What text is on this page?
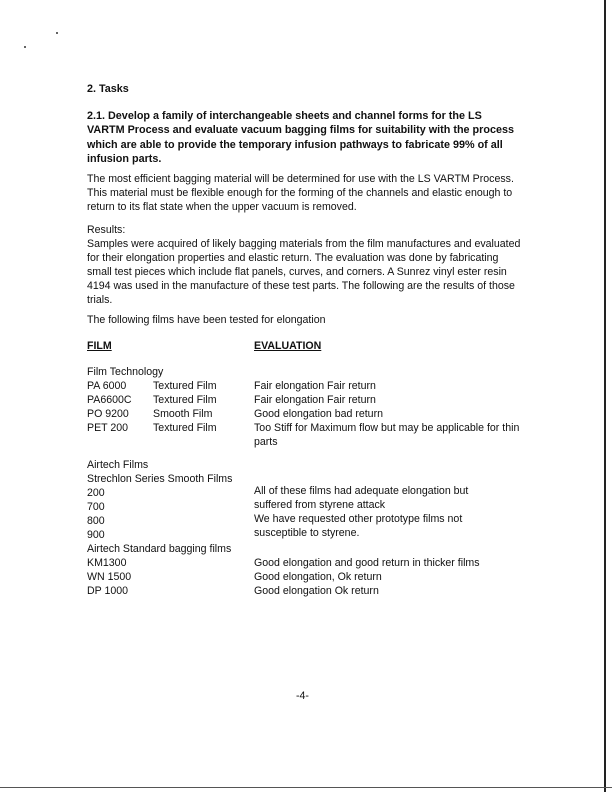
2. Tasks
2.1. Develop a family of interchangeable sheets and channel forms for the LS
VARTM Process and evaluate vacuum bagging films for suitability with the process
which are able to provide the temporary infusion pathways to fabricate 99% of all
infusion parts.
The most efficient bagging material will be determined for use with the LS VARTM Process.
This material must be flexible enough for the forming of the channels and elastic enough to
return to its flat state when the upper vacuum is removed.
Results:
Samples were acquired of likely bagging materials from the film manufactures and evaluated
for their elongation properties and elastic return. The evaluation was done by fabricating
small test pieces which include flat panels, curves, and corners. A Sunrez vinyl ester resin
4194 was used in the manufacture of these test parts. The following are the results of those
trials.
The following films have been tested for elongation
FILM	EVALUATION
Film Technology
PA 6000	Textured Film	Fair elongation Fair return
PA6600C Textured Film	Fair elongation Fair return
PO 9200 Smooth Film	Good elongation bad return
PET 200 Textured Film	Too Stiff for Maximum flow but may be applicable for thin
parts
Airtech Films
Strechlon Series Smooth Films
200	All of these films had adequate elongation but
700	suffered from styrene attack
800	We have requested other prototype films not
900	susceptible to styrene.
Airtech Standard bagging films
KM1300	Good elongation and good return in thicker films
WN 1500	Good elongation, Ok return
DP 1000	Good elongation Ok return
-4-
